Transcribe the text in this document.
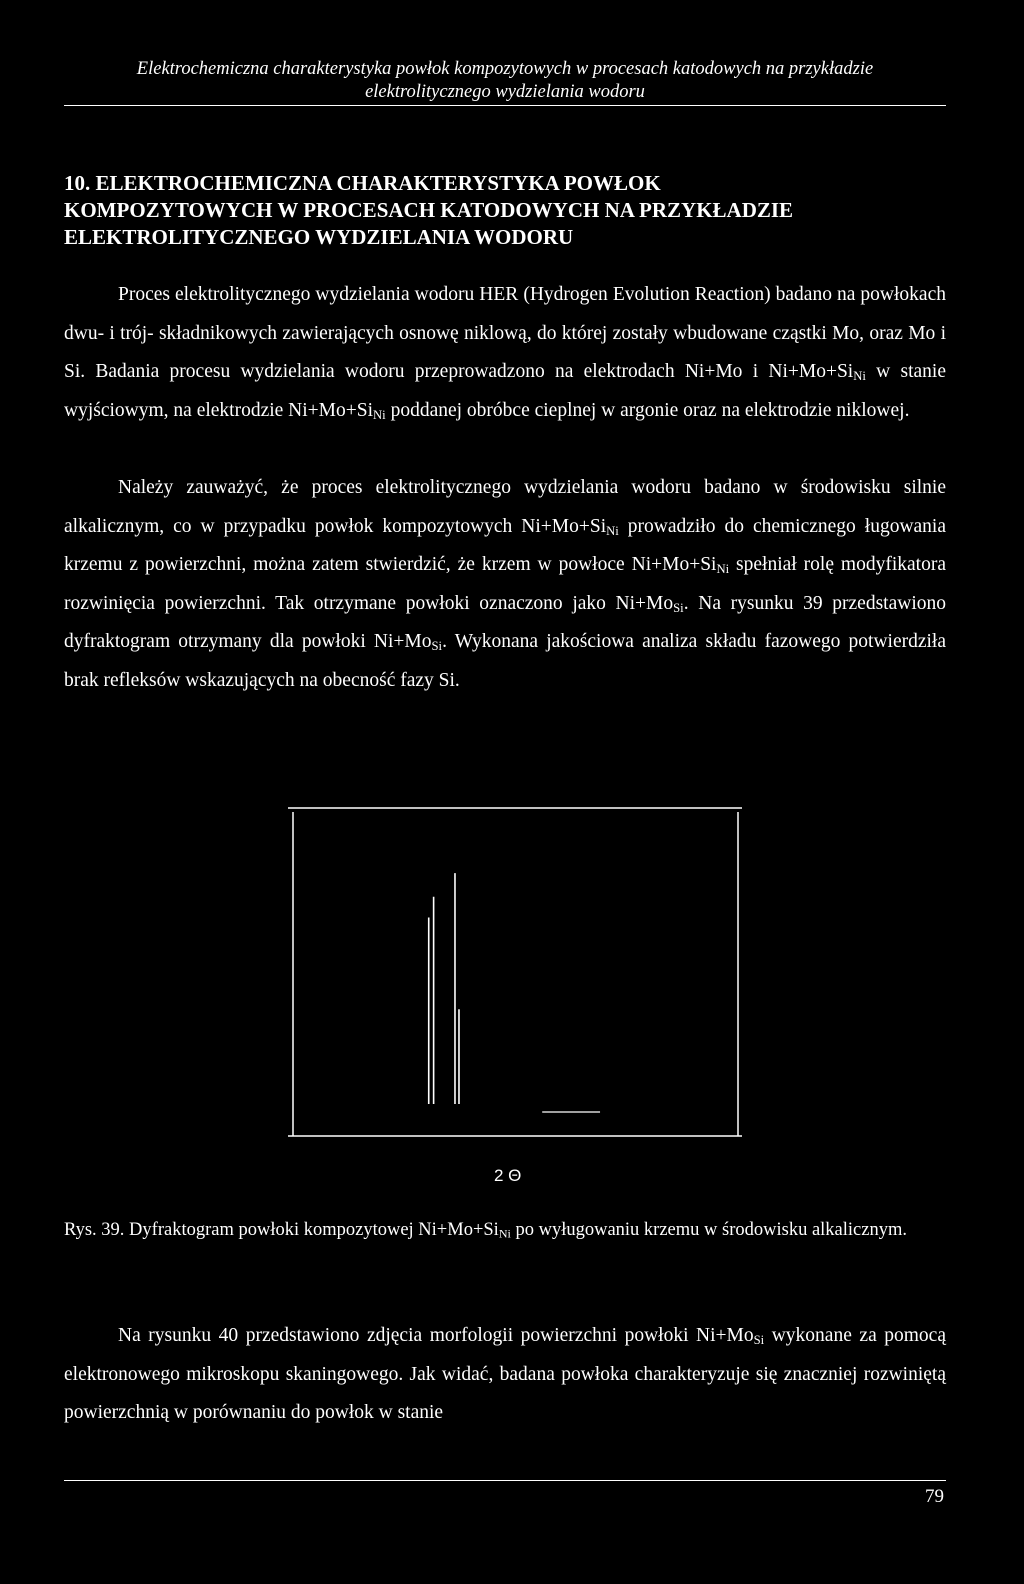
Elektrochemiczna charakterystyka powłok kompozytowych w procesach katodowych na przykładzie
elektrolitycznego wydzielania wodoru
10. ELEKTROCHEMICZNA CHARAKTERYSTYKA POWŁOK
KOMPOZYTOWYCH W PROCESACH KATODOWYCH NA PRZYKŁADZIE
ELEKTROLITYCZNEGO WYDZIELANIA WODORU

Proces elektrolitycznego wydzielania wodoru HER (Hydrogen Evolution Reaction) badano na powłokach dwu- i trój- składnikowych zawierających osnowę niklową, do której zostały wbudowane cząstki Mo, oraz Mo i Si. Badania procesu wydzielania wodoru przeprowadzono na elektrodach Ni+Mo i $Ni+Mo+Si_{Ni}$ w stanie wyjściowym, na elektrodzie $Ni+Mo+Si_{Ni}$ poddanej obróbce cieplnej w argonie oraz na elektrodzie niklowej.

Należy zauważyć, że proces elektrolitycznego wydzielania wodoru badano w środowisku silnie alkalicznym, co w przypadku powłok kompozytowych $Ni+Mo+Si_{Ni}$ prowadziło do chemicznego ługowania krzemu z powierzchni, można zatem stwierdzić, że krzem w powłoce $Ni+Mo+Si_{Ni}$ spełniał rolę modyfikatora rozwinięcia powierzchni. Tak otrzymane powłoki oznaczono jako $Ni+Mo_{Si}$. Na rysunku 39 przedstawiono dyfraktogram otrzymany dla powłoki $Ni+Mo_{Si}$. Wykonana jakościowa analiza składu fazowego potwierdziła brak refleksów wskazujących na obecność fazy Si.

2 Θ

Rys. 39. Dyfraktogram powłoki kompozytowej $Ni+Mo+Si_{Ni}$ po wyługowaniu krzemu w środowisku alkalicznym.

Na rysunku 40 przedstawiono zdjęcia morfologii powierzchni powłoki $Ni+Mo_{Si}$ wykonane za pomocą elektronowego mikroskopu skaningowego. Jak widać, badana powłoka charakteryzuje się znaczniej rozwiniętą powierzchnią w porównaniu do powłok w stanie

79
